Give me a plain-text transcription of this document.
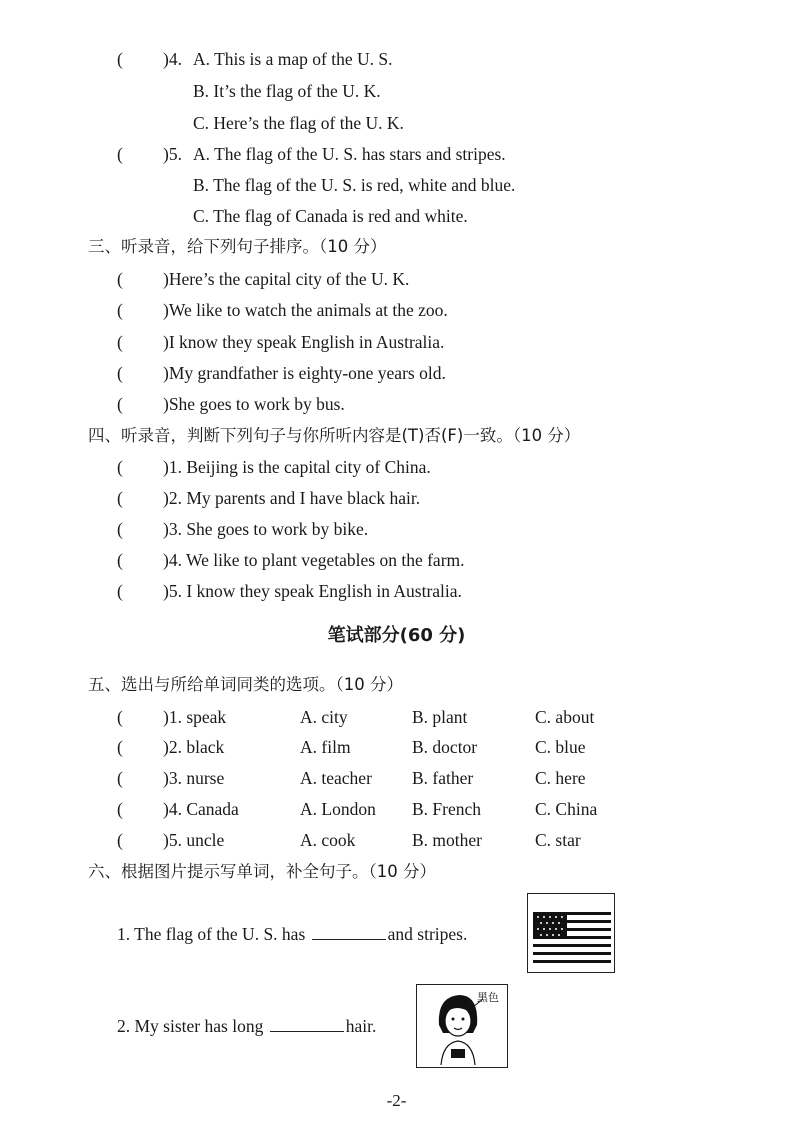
( )4. A. This is a map of the U. S.
B. It’s the flag of the U. K.
C. Here’s the flag of the U. K.
( )5. A. The flag of the U. S. has stars and stripes.
B. The flag of the U. S. is red, white and blue.
C. The flag of Canada is red and white.
三、听录音，给下列句子排序。（10 分）
( )Here’s the capital city of the U. K.
( )We like to watch the animals at the zoo.
( )I know they speak English in Australia.
( )My grandfather is eighty-one years old.
( )She goes to work by bus.
四、听录音，判断下列句子与你所听内容是(T)否(F)一致。（10 分）
( )1. Beijing is the capital city of China.
( )2. My parents and I have black hair.
( )3. She goes to work by bike.
( )4. We like to plant vegetables on the farm.
( )5. I know they speak English in Australia.
笔试部分(60 分)
五、选出与所给单词同类的选项。（10 分）
( )1. speak	A. city	B. plant	C. about
( )2. black	A. film	B. doctor	C. blue
( )3. nurse	A. teacher B. father	C. here
( )4. Canada	A. London B. French	C. China
( )5. uncle	A. cook	B. mother	C. star
六、根据图片提示写单词，补全句子。（10 分）
1. The flag of the U. S. has	and stripes.
2. My sister has long	hair.
黑色
-2-
